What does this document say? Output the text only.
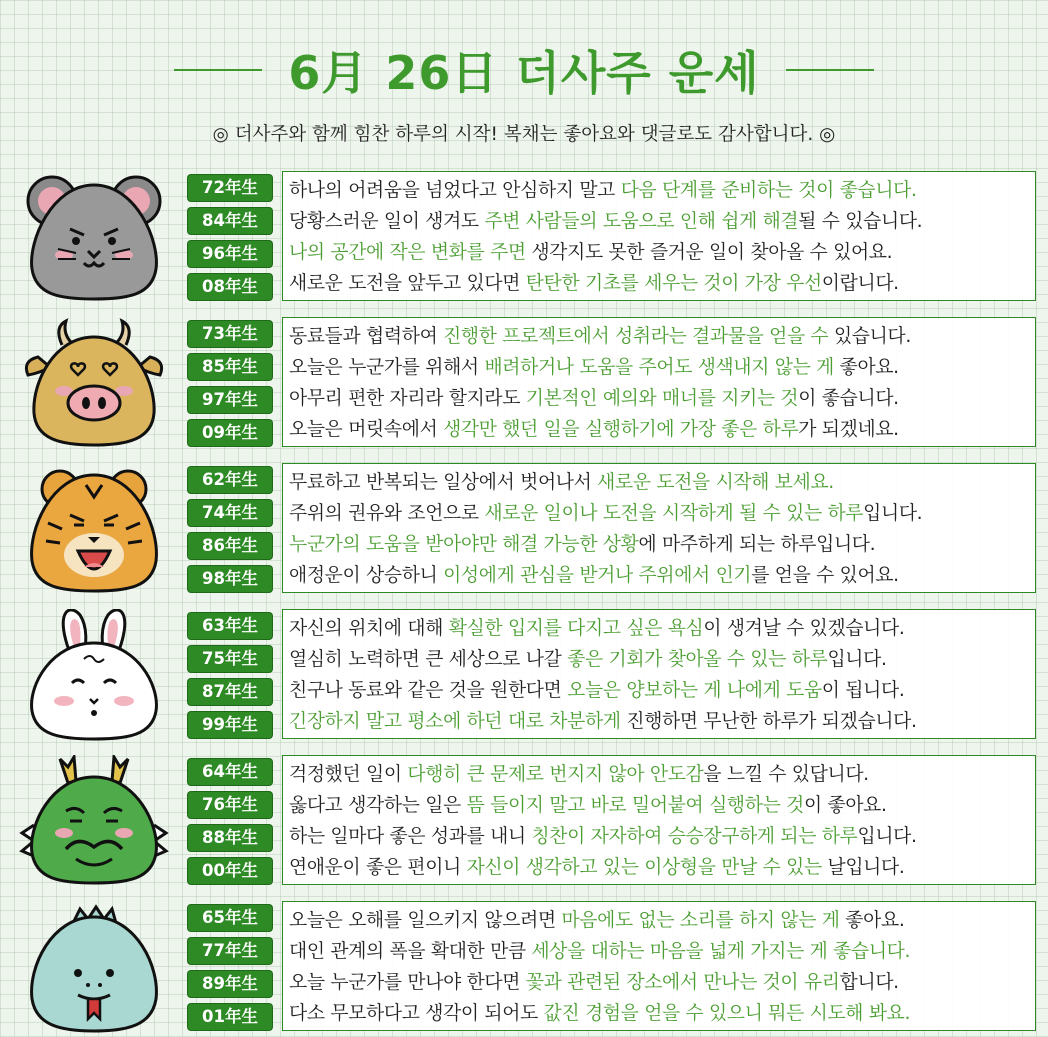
6月 26日 더사주 운세
◎ 더사주와 함께 힘찬 하루의 시작! 복채는 좋아요와 댓글로도 감사합니다. ◎
72年生
84年生
96年生
08年生
하나의 어려움을 넘었다고 안심하지 말고 다음 단계를 준비하는 것이 좋습니다.
당황스러운 일이 생겨도 주변 사람들의 도움으로 인해 쉽게 해결될 수 있습니다.
나의 공간에 작은 변화를 주면 생각지도 못한 즐거운 일이 찾아올 수 있어요.
새로운 도전을 앞두고 있다면 탄탄한 기초를 세우는 것이 가장 우선이랍니다.
73年生
85年生
97年生
09年生
동료들과 협력하여 진행한 프로젝트에서 성취라는 결과물을 얻을 수 있습니다.
오늘은 누군가를 위해서 배려하거나 도움을 주어도 생색내지 않는 게 좋아요.
아무리 편한 자리라 할지라도 기본적인 예의와 매너를 지키는 것이 좋습니다.
오늘은 머릿속에서 생각만 했던 일을 실행하기에 가장 좋은 하루가 되겠네요.
62年生
74年生
86年生
98年生
무료하고 반복되는 일상에서 벗어나서 새로운 도전을 시작해 보세요.
주위의 권유와 조언으로 새로운 일이나 도전을 시작하게 될 수 있는 하루입니다.
누군가의 도움을 받아야만 해결 가능한 상황에 마주하게 되는 하루입니다.
애정운이 상승하니 이성에게 관심을 받거나 주위에서 인기를 얻을 수 있어요.
63年生
75年生
87年生
99年生
자신의 위치에 대해 확실한 입지를 다지고 싶은 욕심이 생겨날 수 있겠습니다.
열심히 노력하면 큰 세상으로 나갈 좋은 기회가 찾아올 수 있는 하루입니다.
친구나 동료와 같은 것을 원한다면 오늘은 양보하는 게 나에게 도움이 됩니다.
긴장하지 말고 평소에 하던 대로 차분하게 진행하면 무난한 하루가 되겠습니다.
64年生
76年生
88年生
00年生
걱정했던 일이 다행히 큰 문제로 번지지 않아 안도감을 느낄 수 있답니다.
옳다고 생각하는 일은 뜸 들이지 말고 바로 밀어붙여 실행하는 것이 좋아요.
하는 일마다 좋은 성과를 내니 칭찬이 자자하여 승승장구하게 되는 하루입니다.
연애운이 좋은 편이니 자신이 생각하고 있는 이상형을 만날 수 있는 날입니다.
65年生
77年生
89年生
01年生
오늘은 오해를 일으키지 않으려면 마음에도 없는 소리를 하지 않는 게 좋아요.
대인 관계의 폭을 확대한 만큼 세상을 대하는 마음을 넓게 가지는 게 좋습니다.
오늘 누군가를 만나야 한다면 꽃과 관련된 장소에서 만나는 것이 유리합니다.
다소 무모하다고 생각이 되어도 값진 경험을 얻을 수 있으니 뭐든 시도해 봐요.
